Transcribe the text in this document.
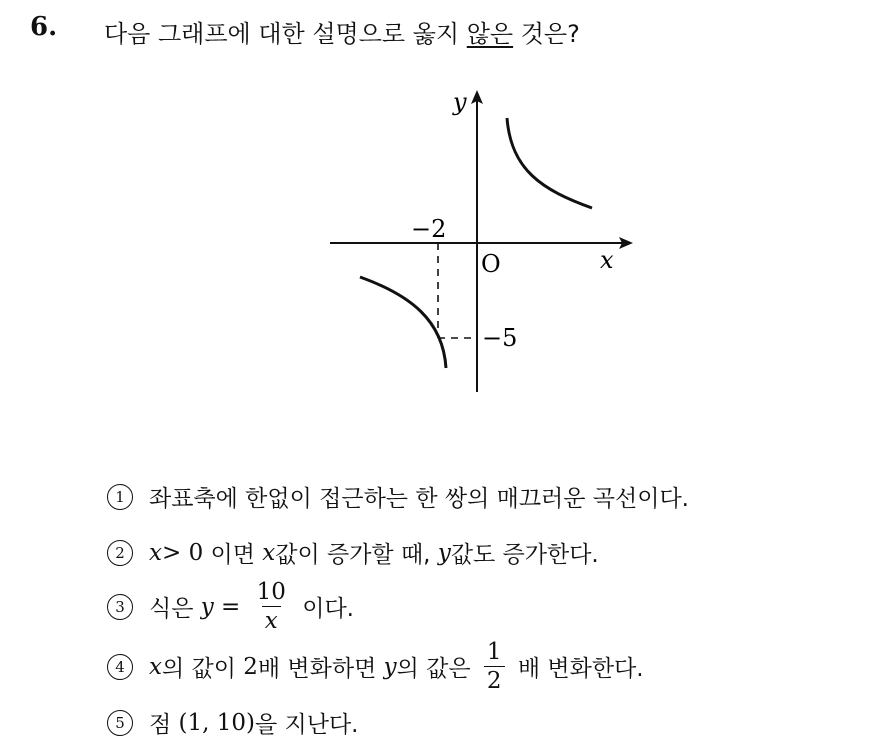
6. 다음 그래프에 대한 설명으로 옳지 않은 것은?
y
x
O
−2
−5
1	좌표축에 한없이 접근하는 한 쌍의 매끄러운 곡선이다.
2	x > 0 이면 x 값이 증가할 때, y 값도 증가한다.
3	식은 $y = \frac{10}{x}$ 이다.
4	x 의 값이 2 배 변화하면 y 의 값은 $\frac{1}{2}$ 배 변화한다.
5	점 (1, 10) 을 지난다.
